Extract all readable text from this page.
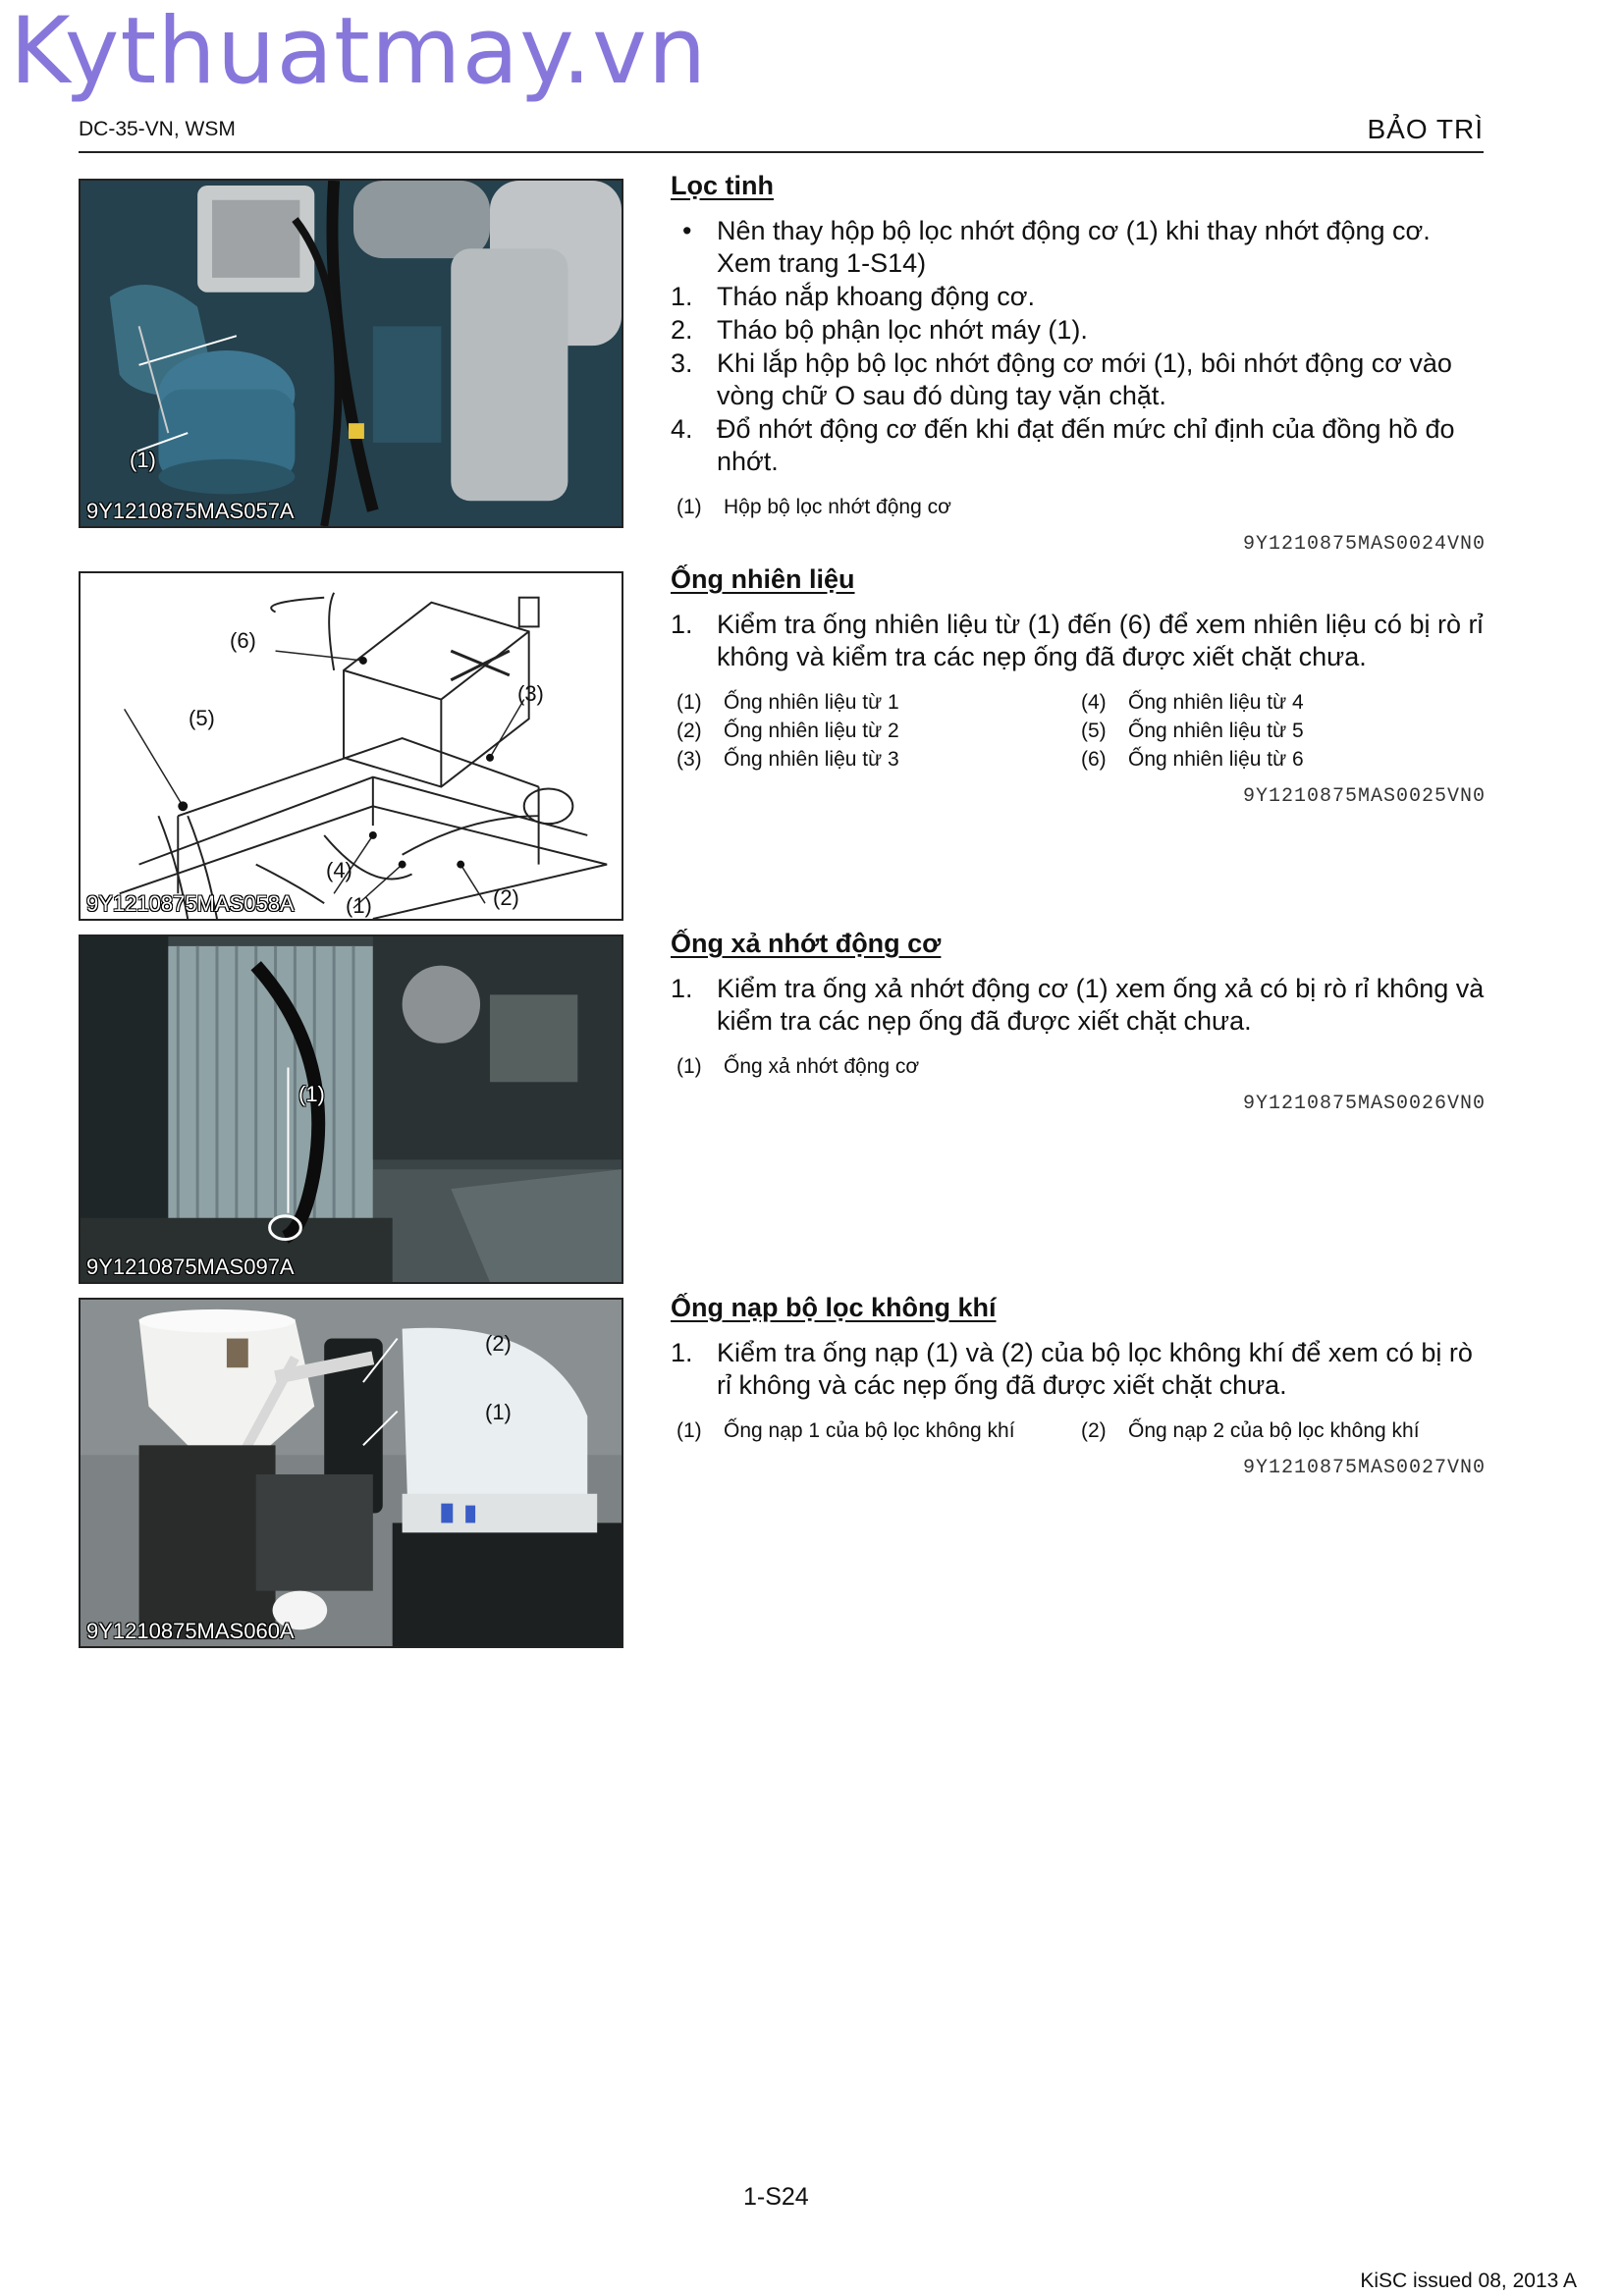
Kythuatmay.vn
DC-35-VN, WSM	BẢO TRÌ
(1)
9Y1210875MAS057A
(6)
(5)
(3)
(4)
(1)	(2)
9Y1210875MAS058A
(1)
9Y1210875MAS097A
(2)
(1)
9Y1210875MAS060A
Lọc tinh
• Nên thay hộp bộ lọc nhớt động cơ (1) khi thay nhớt động cơ. Xem trang 1-S14)
1. Tháo nắp khoang động cơ.
2. Tháo bộ phận lọc nhớt máy (1).
3. Khi lắp hộp bộ lọc nhớt động cơ mới (1), bôi nhớt động cơ vào vòng chữ O sau đó dùng tay vặn chặt.
4. Đổ nhớt động cơ đến khi đạt đến mức chỉ định của đồng hồ đo nhớt.
(1)	Hộp bộ lọc nhớt động cơ
9Y1210875MAS0024VN0
Ống nhiên liệu
1. Kiểm tra ống nhiên liệu từ (1) đến (6) để xem nhiên liệu có bị rò rỉ không và kiểm tra các nẹp ống đã được xiết chặt chưa.
(1)	Ống nhiên liệu từ 1	(4)	Ống nhiên liệu từ 4
(2)	Ống nhiên liệu từ 2	(5)	Ống nhiên liệu từ 5
(3)	Ống nhiên liệu từ 3	(6)	Ống nhiên liệu từ 6
9Y1210875MAS0025VN0
Ống xả nhớt động cơ
1. Kiểm tra ống xả nhớt động cơ (1) xem ống xả có bị rò rỉ không và kiểm tra các nẹp ống đã được xiết chặt chưa.
(1)	Ống xả nhớt động cơ
9Y1210875MAS0026VN0
Ống nạp bộ lọc không khí
1. Kiểm tra ống nạp (1) và (2) của bộ lọc không khí để xem có bị rò rỉ không và các nẹp ống đã được xiết chặt chưa.
(1)	Ống nạp 1 của bộ lọc không khí	(2)	Ống nạp 2 của bộ lọc không khí
9Y1210875MAS0027VN0
1-S24
KiSC issued 08, 2013 A
